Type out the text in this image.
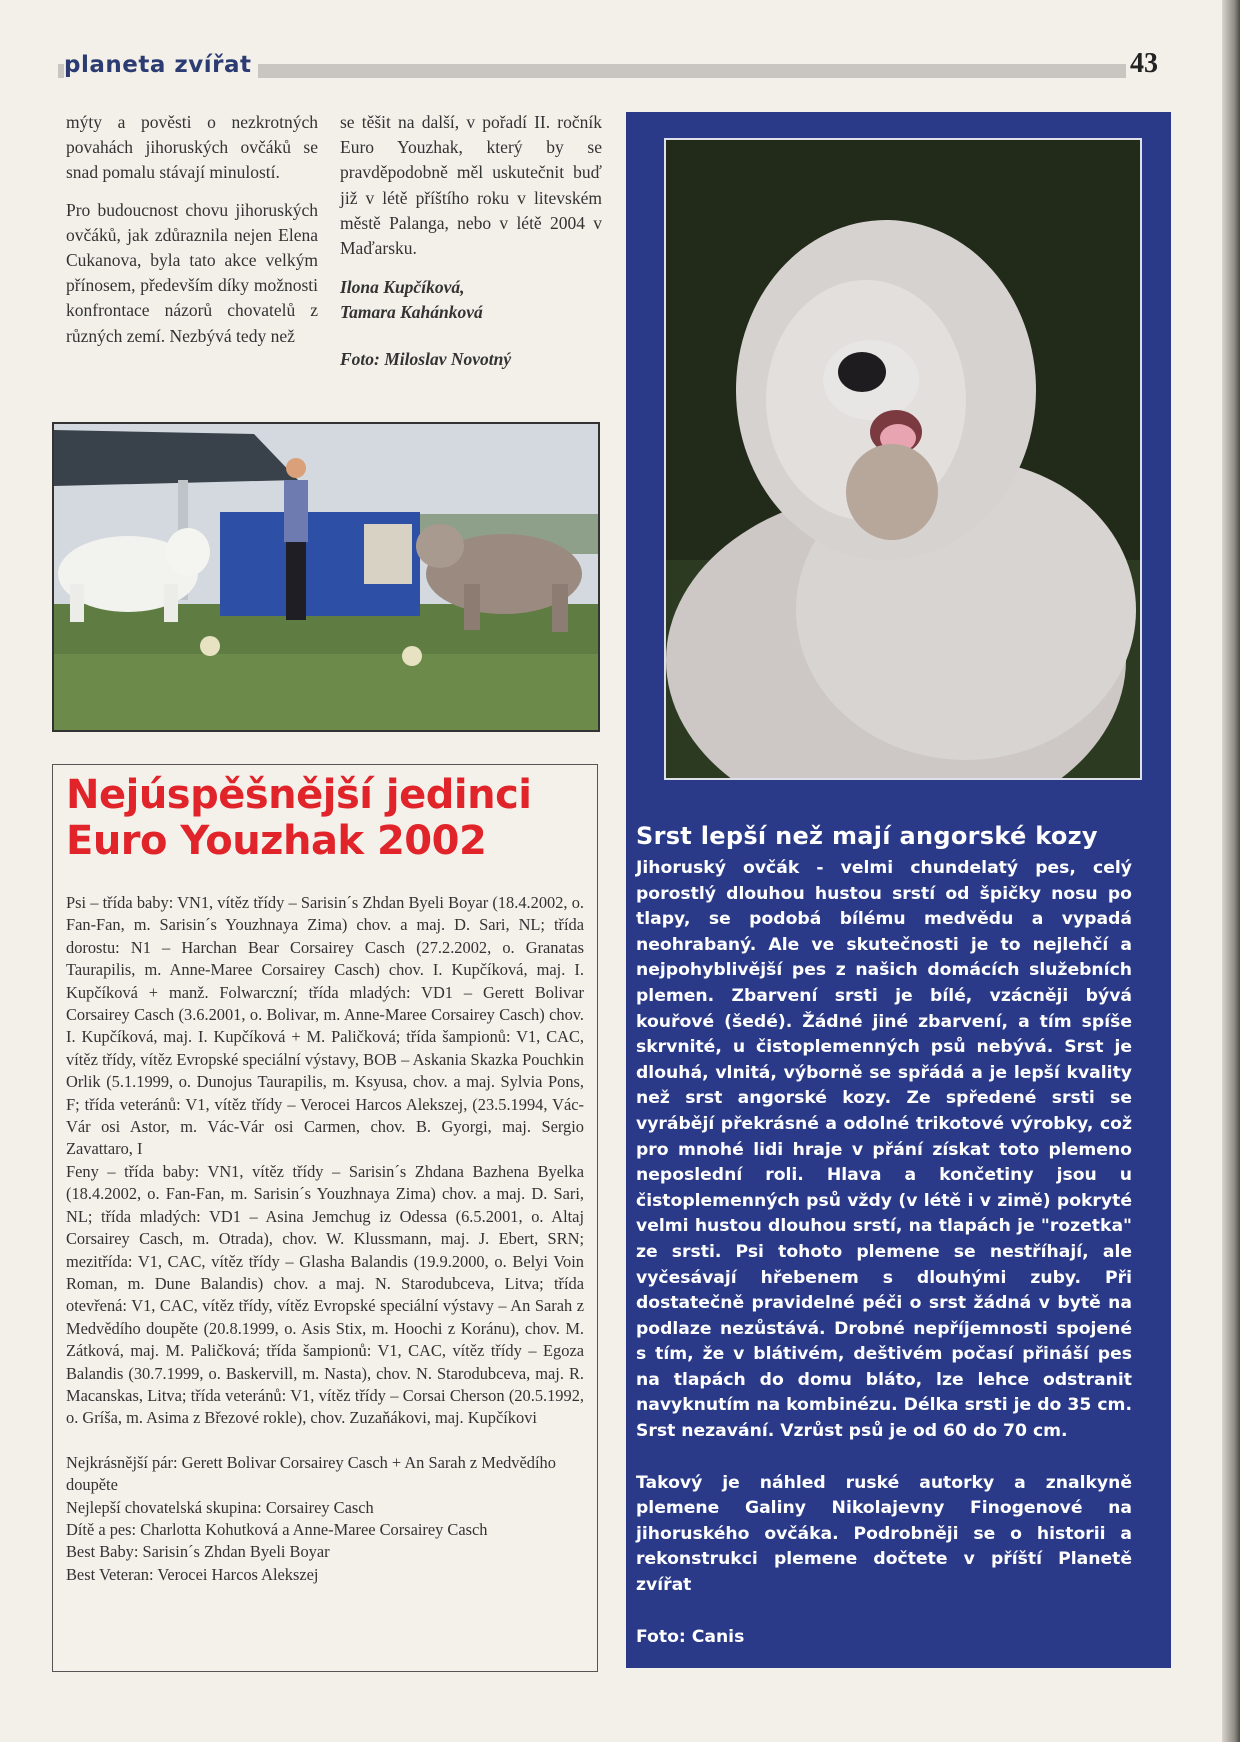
planeta zvířat	43

mýty a pověsti o nezkrotných povahách jihoruských ovčáků se snad pomalu stávají minulostí.

Pro budoucnost chovu jihoruských ovčáků, jak zdůraznila nejen Elena Cukanova, byla tato akce velkým přínosem, především díky možnosti konfrontace názorů chovatelů z různých zemí. Nezbývá tedy než

se těšit na další, v pořadí II. ročník Euro Youzhak, který by se pravděpodobně měl uskutečnit buď již v létě příštího roku v litevském městě Palanga, nebo v létě 2004 v Maďarsku.

Ilona Kupčíková,
Tamara Kahánková
Foto: Miloslav Novotný
Nejúspěšnější jedinci Euro Youzhak 2002

Psi – třída baby: VN1, vítěz třídy – Sarisin´s Zhdan Byeli Boyar (18.4.2002, o. Fan-Fan, m. Sarisin´s Youzhnaya Zima) chov. a maj. D. Sari, NL; třída dorostu: N1 – Harchan Bear Corsairey Casch (27.2.2002, o. Granatas Taurapilis, m. Anne-Maree Corsairey Casch) chov. I. Kupčíková, maj. I. Kupčíková + manž. Folwarczní; třída mladých: VD1 – Gerett Bolivar Corsairey Casch (3.6.2001, o. Bolivar, m. Anne-Maree Corsairey Casch) chov. I. Kupčíková, maj. I. Kupčíková + M. Paličková; třída šampionů: V1, CAC, vítěz třídy, vítěz Evropské speciální výstavy, BOB – Askania Skazka Pouchkin Orlik (5.1.1999, o. Dunojus Taurapilis, m. Ksyusa, chov. a maj. Sylvia Pons, F; třída veteránů: V1, vítěz třídy – Verocei Harcos Alekszej, (23.5.1994, Vác-Vár osi Astor, m. Vác-Vár osi Carmen, chov. B. Gyorgi, maj. Sergio Zavattaro, I

Feny – třída baby: VN1, vítěz třídy – Sarisin´s Zhdana Bazhena Byelka (18.4.2002, o. Fan-Fan, m. Sarisin´s Youzhnaya Zima) chov. a maj. D. Sari, NL; třída mladých: VD1 – Asina Jemchug iz Odessa (6.5.2001, o. Altaj Corsairey Casch, m. Otrada), chov. W. Klussmann, maj. J. Ebert, SRN; mezitřída: V1, CAC, vítěz třídy – Glasha Balandis (19.9.2000, o. Belyi Voin Roman, m. Dune Balandis) chov. a maj. N. Starodubceva, Litva; třída otevřená: V1, CAC, vítěz třídy, vítěz Evropské speciální výstavy – An Sarah z Medvědího doupěte (20.8.1999, o. Asis Stix, m. Hoochi z Koránu), chov. M. Zátková, maj. M. Paličková; třída šampionů: V1, CAC, vítěz třídy – Egoza Balandis (30.7.1999, o. Baskervill, m. Nasta), chov. N. Starodubceva, maj. R. Macanskas, Litva; třída veteránů: V1, vítěz třídy – Corsai Cherson (20.5.1992, o. Gríša, m. Asima z Březové rokle), chov. Zuzaňákovi, maj. Kupčíkovi

Nejkrásnější pár: Gerett Bolivar Corsairey Casch + An Sarah z Medvědího doupěte
Nejlepší chovatelská skupina: Corsairey Casch
Dítě a pes: Charlotta Kohutková a Anne-Maree Corsairey Casch
Best Baby: Sarisin´s Zhdan Byeli Boyar
Best Veteran: Verocei Harcos Alekszej
Srst lepší než mají angorské kozy

Jihoruský ovčák - velmi chundelatý pes, celý porostlý dlouhou hustou srstí od špičky nosu po tlapy, se podobá bílému medvědu a vypadá neohrabaný. Ale ve skutečnosti je to nejlehčí a nejpohyblivější pes z našich domácích služebních plemen. Zbarvení srsti je bílé, vzácněji bývá kouřové (šedé). Žádné jiné zbarvení, a tím spíše skrvnité, u čistoplemenných psů nebývá. Srst je dlouhá, vlnitá, výborně se spřádá a je lepší kvality než srst angorské kozy. Ze spředené srsti se vyrábějí překrásné a odolné trikotové výrobky, což pro mnohé lidi hraje v přání získat toto plemeno neposlední roli. Hlava a končetiny jsou u čistoplemenných psů vždy (v létě i v zimě) pokryté velmi hustou dlouhou srstí, na tlapách je "rozetka" ze srsti. Psi tohoto plemene se nestříhají, ale vyčesávají hřebenem s dlouhými zuby. Při dostatečně pravidelné péči o srst žádná v bytě na podlaze nezůstává. Drobné nepříjemnosti spojené s tím, že v blátivém, deštivém počasí přináší pes na tlapách do domu bláto, lze lehce odstranit navyknutím na kombinézu. Délka srsti je do 35 cm. Srst nezavání. Vzrůst psů je od 60 do 70 cm.

Takový je náhled ruské autorky a znalkyně plemene Galiny Nikolajevny Finogenové na jihoruského ovčáka. Podrobněji se o historii a rekonstrukci plemene dočtete v příští Planetě zvířat

Foto: Canis
